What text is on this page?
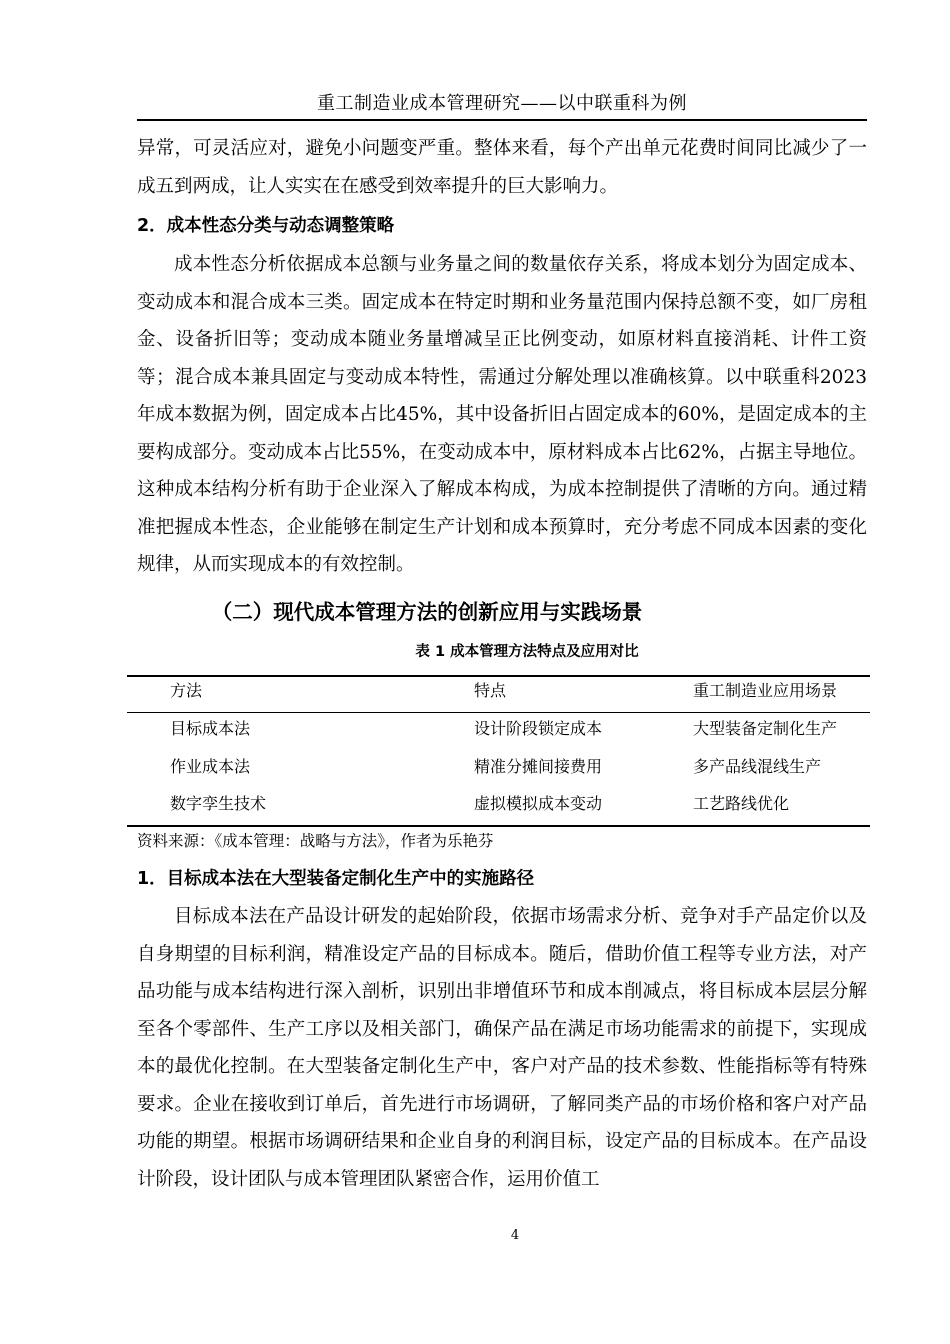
重工制造业成本管理研究——以中联重科为例
异常，可灵活应对，避免小问题变严重。整体来看，每个产出单元花费时间同比减少了一成五到两成，让人实实在在感受到效率提升的巨大影响力。
2．成本性态分类与动态调整策略
成本性态分析依据成本总额与业务量之间的数量依存关系，将成本划分为固定成本、变动成本和混合成本三类。固定成本在特定时期和业务量范围内保持总额不变，如厂房租金、设备折旧等；变动成本随业务量增减呈正比例变动，如原材料直接消耗、计件工资等；混合成本兼具固定与变动成本特性，需通过分解处理以准确核算。以中联重科2023年成本数据为例，固定成本占比45%，其中设备折旧占固定成本的60%，是固定成本的主要构成部分。变动成本占比55%，在变动成本中，原材料成本占比62%，占据主导地位。这种成本结构分析有助于企业深入了解成本构成，为成本控制提供了清晰的方向。通过精准把握成本性态，企业能够在制定生产计划和成本预算时，充分考虑不同成本因素的变化规律，从而实现成本的有效控制。
（二）现代成本管理方法的创新应用与实践场景
表 1 成本管理方法特点及应用对比
方法	特点	重工制造业应用场景
目标成本法	设计阶段锁定成本	大型装备定制化生产
作业成本法	精准分摊间接费用	多产品线混线生产
数字孪生技术	虚拟模拟成本变动	工艺路线优化
资料来源：《成本管理：战略与方法》，作者为乐艳芬
1．目标成本法在大型装备定制化生产中的实施路径
目标成本法在产品设计研发的起始阶段，依据市场需求分析、竞争对手产品定价以及自身期望的目标利润，精准设定产品的目标成本。随后，借助价值工程等专业方法，对产品功能与成本结构进行深入剖析，识别出非增值环节和成本削减点，将目标成本层层分解至各个零部件、生产工序以及相关部门，确保产品在满足市场功能需求的前提下，实现成本的最优化控制。在大型装备定制化生产中，客户对产品的技术参数、性能指标等有特殊要求。企业在接收到订单后，首先进行市场调研，了解同类产品的市场价格和客户对产品功能的期望。根据市场调研结果和企业自身的利润目标，设定产品的目标成本。在产品设计阶段，设计团队与成本管理团队紧密合作，运用价值工
4
